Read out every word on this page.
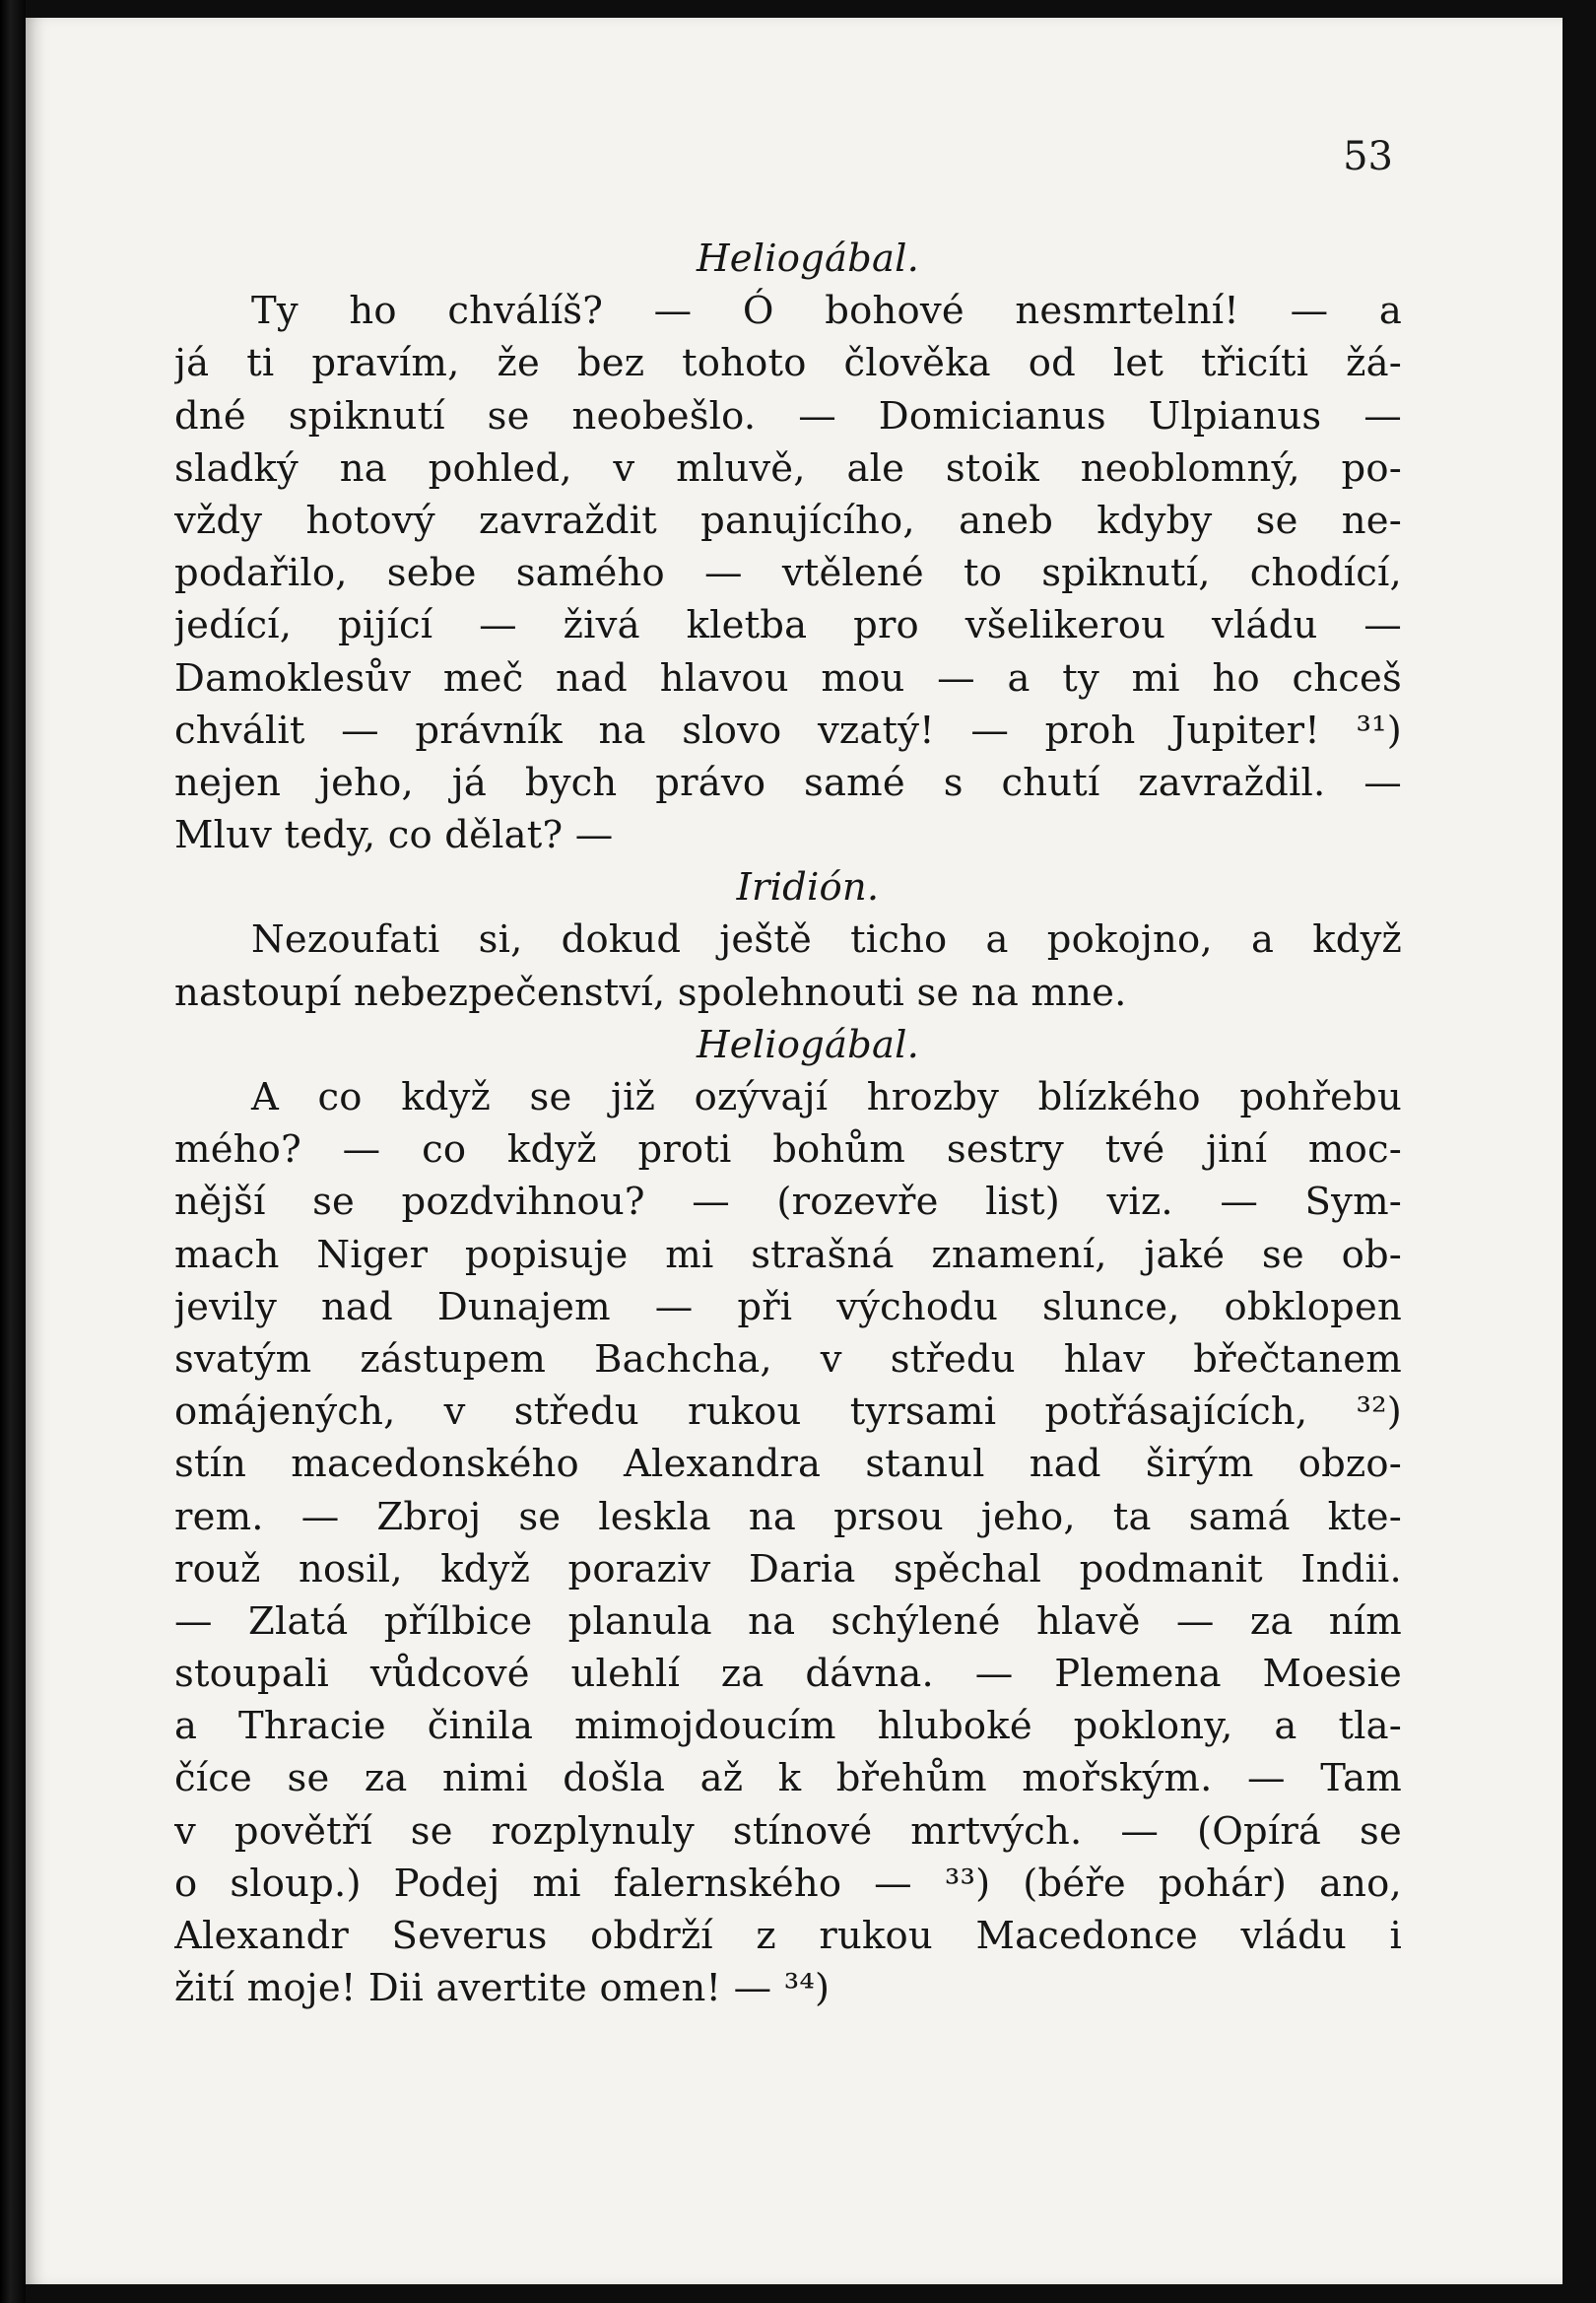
53

Heliogábal.

Ty ho chválíš? — Ó bohové nesmrtelní! — a
já ti pravím, že bez tohoto člověka od let třicíti žá-
dné spiknutí se neobešlo. — Domicianus Ulpianus —
sladký na pohled, v mluvě, ale stoik neoblomný, po-
vždy hotový zavraždit panujícího, aneb kdyby se ne-
podařilo, sebe samého — vtělené to spiknutí, chodící,
jedící, pijící — živá kletba pro všelikerou vládu —
Damoklesův meč nad hlavou mou — a ty mi ho chceš
chválit — právník na slovo vzatý! — proh Jupiter! ³¹)
nejen jeho, já bych právo samé s chutí zavraždil. —
Mluv tedy, co dělat? —

Iridión.

Nezoufati si, dokud ještě ticho a pokojno, a když
nastoupí nebezpečenství, spolehnouti se na mne.

Heliogábal.

A co když se již ozývají hrozby blízkého pohřebu
mého? — co když proti bohům sestry tvé jiní moc-
nější se pozdvihnou? — (rozevře list) viz. — Sym-
mach Niger popisuje mi strašná znamení, jaké se ob-
jevily nad Dunajem — při východu slunce, obklopen
svatým zástupem Bachcha, v středu hlav břečtanem
omájených, v středu rukou tyrsami potřásajících, ³²)
stín macedonského Alexandra stanul nad širým obzo-
rem. — Zbroj se leskla na prsou jeho, ta samá kte-
rouž nosil, když poraziv Daria spěchal podmanit Indii.
— Zlatá přílbice planula na schýlené hlavě — za ním
stoupali vůdcové ulehlí za dávna. — Plemena Moesie
a Thracie činila mimojdoucím hluboké poklony, a tla-
číce se za nimi došla až k břehům mořským. — Tam
v povětří se rozplynuly stínové mrtvých. — (Opírá se
o sloup.) Podej mi falernského — ³³) (béře pohár) ano,
Alexandr Severus obdrží z rukou Macedonce vládu i
žití moje! Dii avertite omen! — ³⁴)
